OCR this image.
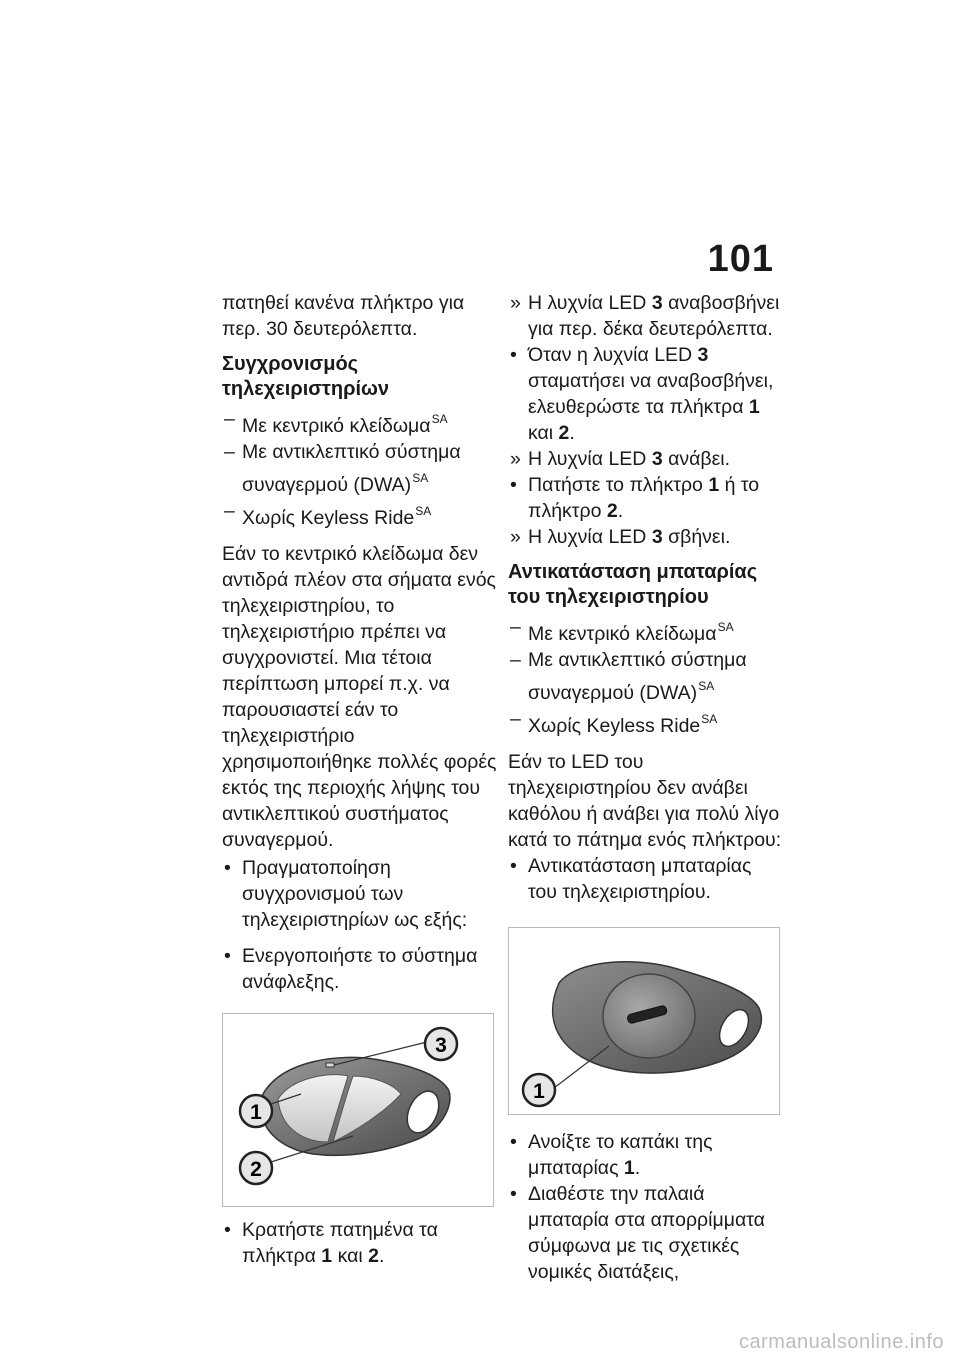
101

πατηθεί κανένα πλήκτρο για περ. 30 δευτερόλεπτα.

Συγχρονισμός τηλεχειριστηρίων
– Με κεντρικό κλείδωμα$^{SA}$
– Με αντικλεπτικό σύστημα συναγερμού (DWA)$^{SA}$
– Χωρίς Keyless Ride$^{SA}$

Εάν το κεντρικό κλείδωμα δεν αντιδρά πλέον στα σήματα ενός τηλεχειριστηρίου, το τηλεχειριστήριο πρέπει να συγχρονιστεί. Μια τέτοια περίπτωση μπορεί π.χ. να παρουσιαστεί εάν το τηλεχειριστήριο χρησιμοποιήθηκε πολλές φορές εκτός της περιοχής λήψης του αντικλεπτικού συστήματος συναγερμού.

• Πραγματοποίηση συγχρονισμού των τηλεχειριστηρίων ως εξής:
• Ενεργοποιήστε το σύστημα ανάφλεξης.
3
1
2
• Κρατήστε πατημένα τα πλήκτρα 1 και 2.
» Η λυχνία LED 3 αναβοσβήνει για περ. δέκα δευτερόλεπτα.
• Όταν η λυχνία LED 3 σταματήσει να αναβοσβήνει, ελευθερώστε τα πλήκτρα 1 και 2.
» Η λυχνία LED 3 ανάβει.
• Πατήστε το πλήκτρο 1 ή το πλήκτρο 2.
» Η λυχνία LED 3 σβήνει.
Αντικατάσταση μπαταρίας του τηλεχειριστηρίου
– Με κεντρικό κλείδωμα$^{SA}$
– Με αντικλεπτικό σύστημα συναγερμού (DWA)$^{SA}$
– Χωρίς Keyless Ride$^{SA}$

Εάν το LED του τηλεχειριστηρίου δεν ανάβει καθόλου ή ανάβει για πολύ λίγο κατά το πάτημα ενός πλήκτρου:

• Αντικατάσταση μπαταρίας του τηλεχειριστηρίου.
1
• Ανοίξτε το καπάκι της μπαταρίας 1.
• Διαθέστε την παλαιά μπαταρία στα απορρίμματα σύμφωνα με τις σχετικές νομικές διατάξεις,
carmanualsonline.info
